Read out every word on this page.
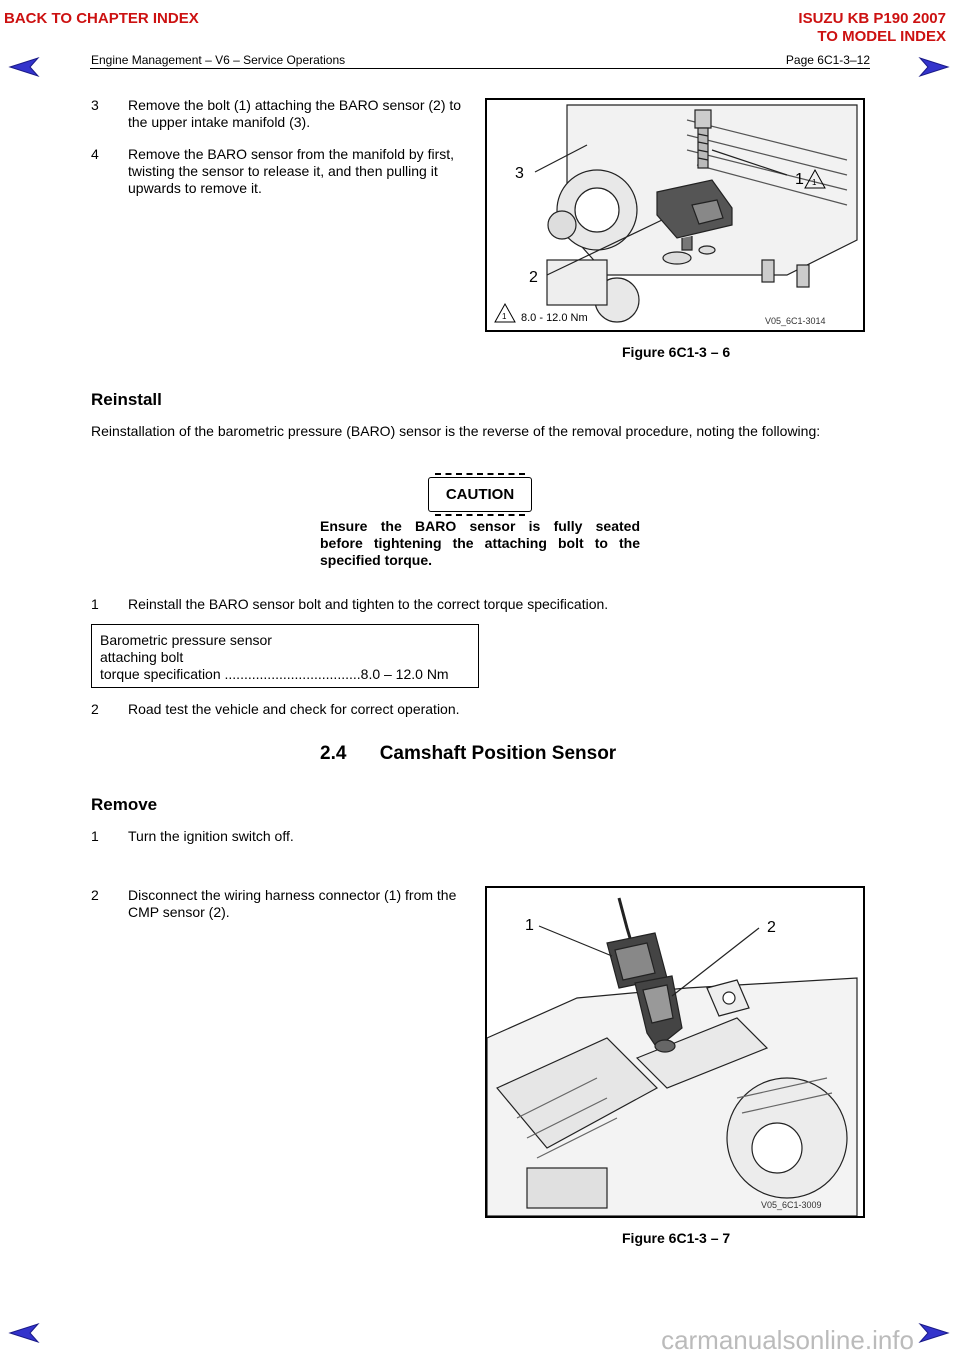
BACK TO CHAPTER INDEX	ISUZU KB P190 2007
TO MODEL INDEX
Engine Management – V6 – Service Operations	Page 6C1-3–12
3 Remove the bolt (1) attaching the BARO sensor (2) to
the upper intake manifold (3).
4 Remove the BARO sensor from the manifold by first,
twisting the sensor to release it, and then pulling it
upwards to remove it.
3
2
1 1
1 8.0 - 12.0 Nm	V05_6C1-3014
Figure 6C1-3 – 6
Reinstall
Reinstallation of the barometric pressure (BARO) sensor is the reverse of the removal procedure, noting the following:
CAUTION
Ensure the BARO sensor is fully seated
before tightening the attaching bolt to the
specified torque.
1 Reinstall the BARO sensor bolt and tighten to the correct torque specification.
Barometric pressure sensor
attaching bolt
torque specification ...................................8.0 – 12.0 Nm
2 Road test the vehicle and check for correct operation.
2.4 Camshaft Position Sensor
Remove
1 Turn the ignition switch off.
2 Disconnect the wiring harness connector (1) from the
CMP sensor (2).
1	2
V05_6C1-3009
Figure 6C1-3 – 7
carmanualsonline.info
